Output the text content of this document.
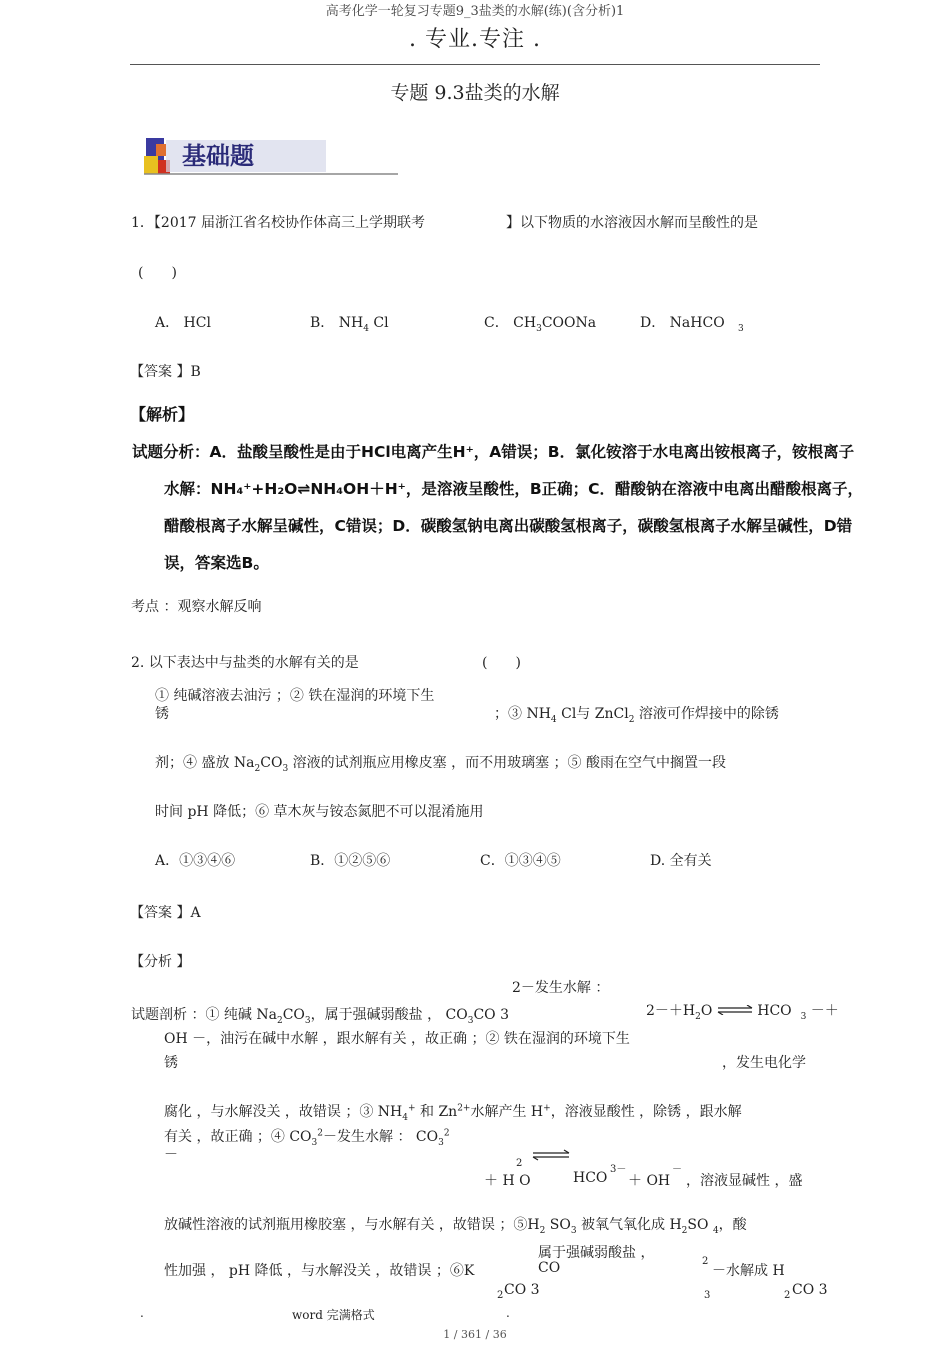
高考化学一轮复习专题9_3盐类的水解(练)(含分析)1
. 专业.专注 .
专题 9.3盐类的水解
基础题
1．【2017 届浙江省名校协作体高三上学期联考	】以下物质的水溶液因水解而呈酸性的是
(　　)
A． HCl	B． $NH_4$ Cl	C． $CH_3COONa$	D． NaHCO $_3$
【答案 】B
【解析】
试题分析：A．盐酸呈酸性是由于HCl电离产生H⁺，A错误；B．氯化铵溶于水电离出铵根离子，铵根离子
水解：NH₄⁺+H₂O⇌NH₄OH＋H⁺，是溶液呈酸性，B正确；C．醋酸钠在溶液中电离出醋酸根离子，
醋酸根离子水解呈碱性，C错误；D．碳酸氢钠电离出碳酸氢根离子，碳酸氢根离子水解呈碱性，D错
误，答案选B。
考点 ：观察水解反响
2. 以下表达中与盐类的水解有关的是	(　　)
① 纯碱溶液去油污 ；② 铁在湿润的环境下生
锈	；③ $NH_4$ Cl与 ZnCl$_2$ 溶液可作焊接中的除锈
剂；④ 盛放 $Na_2CO_3$ 溶液的试剂瓶应用橡皮塞 ，而不用玻璃塞 ；⑤ 酸雨在空气中搁置一段
时间 pH 降低；⑥ 草木灰与铵态氮肥不可以混淆施用
A．①③④⑥	B．①②⑤⑥	C．①③④⑤	D. 全有关
【答案 】A
【分析 】
2－发生水解 ：
试题剖析 ：① 纯碱 $Na_2CO_3$，属于强碱弱酸盐 ， $CO_3CO$ 3	$2-+H_2O$ ⇌ HCO $_3$ －＋
OH －，油污在碱中水解 ，跟水解有关 ，故正确 ；② 铁在湿润的环境下生
锈	，发生电化学
腐化 ，与水解没关 ，故错误 ；③ $NH_4^+$ 和 $Zn^{2+}$水解产生 H+，溶液显酸性 ，除锈 ，跟水解
有关 ，故正确 ；④ $CO_3^2-$发生水解 ： $CO_3^2$
－
2
＋ H O	HCO
3－
＋ OH
－
，溶液显碱性 ，盛
放碱性溶液的试剂瓶用橡胶塞 ，与水解有关 ，故错误 ；$⑤H_2$ $SO_3$ 被氧气氧化成 $H_2SO$ $_4$，酸
属于强碱弱酸盐 ，
性加强 ， pH 降低 ，与水解没关 ，故错误 ；⑥K	CO	2
－水解成 H
2 CO 3	3	2 CO 3
.	word 完满格式	.
1 / 361 / 36
